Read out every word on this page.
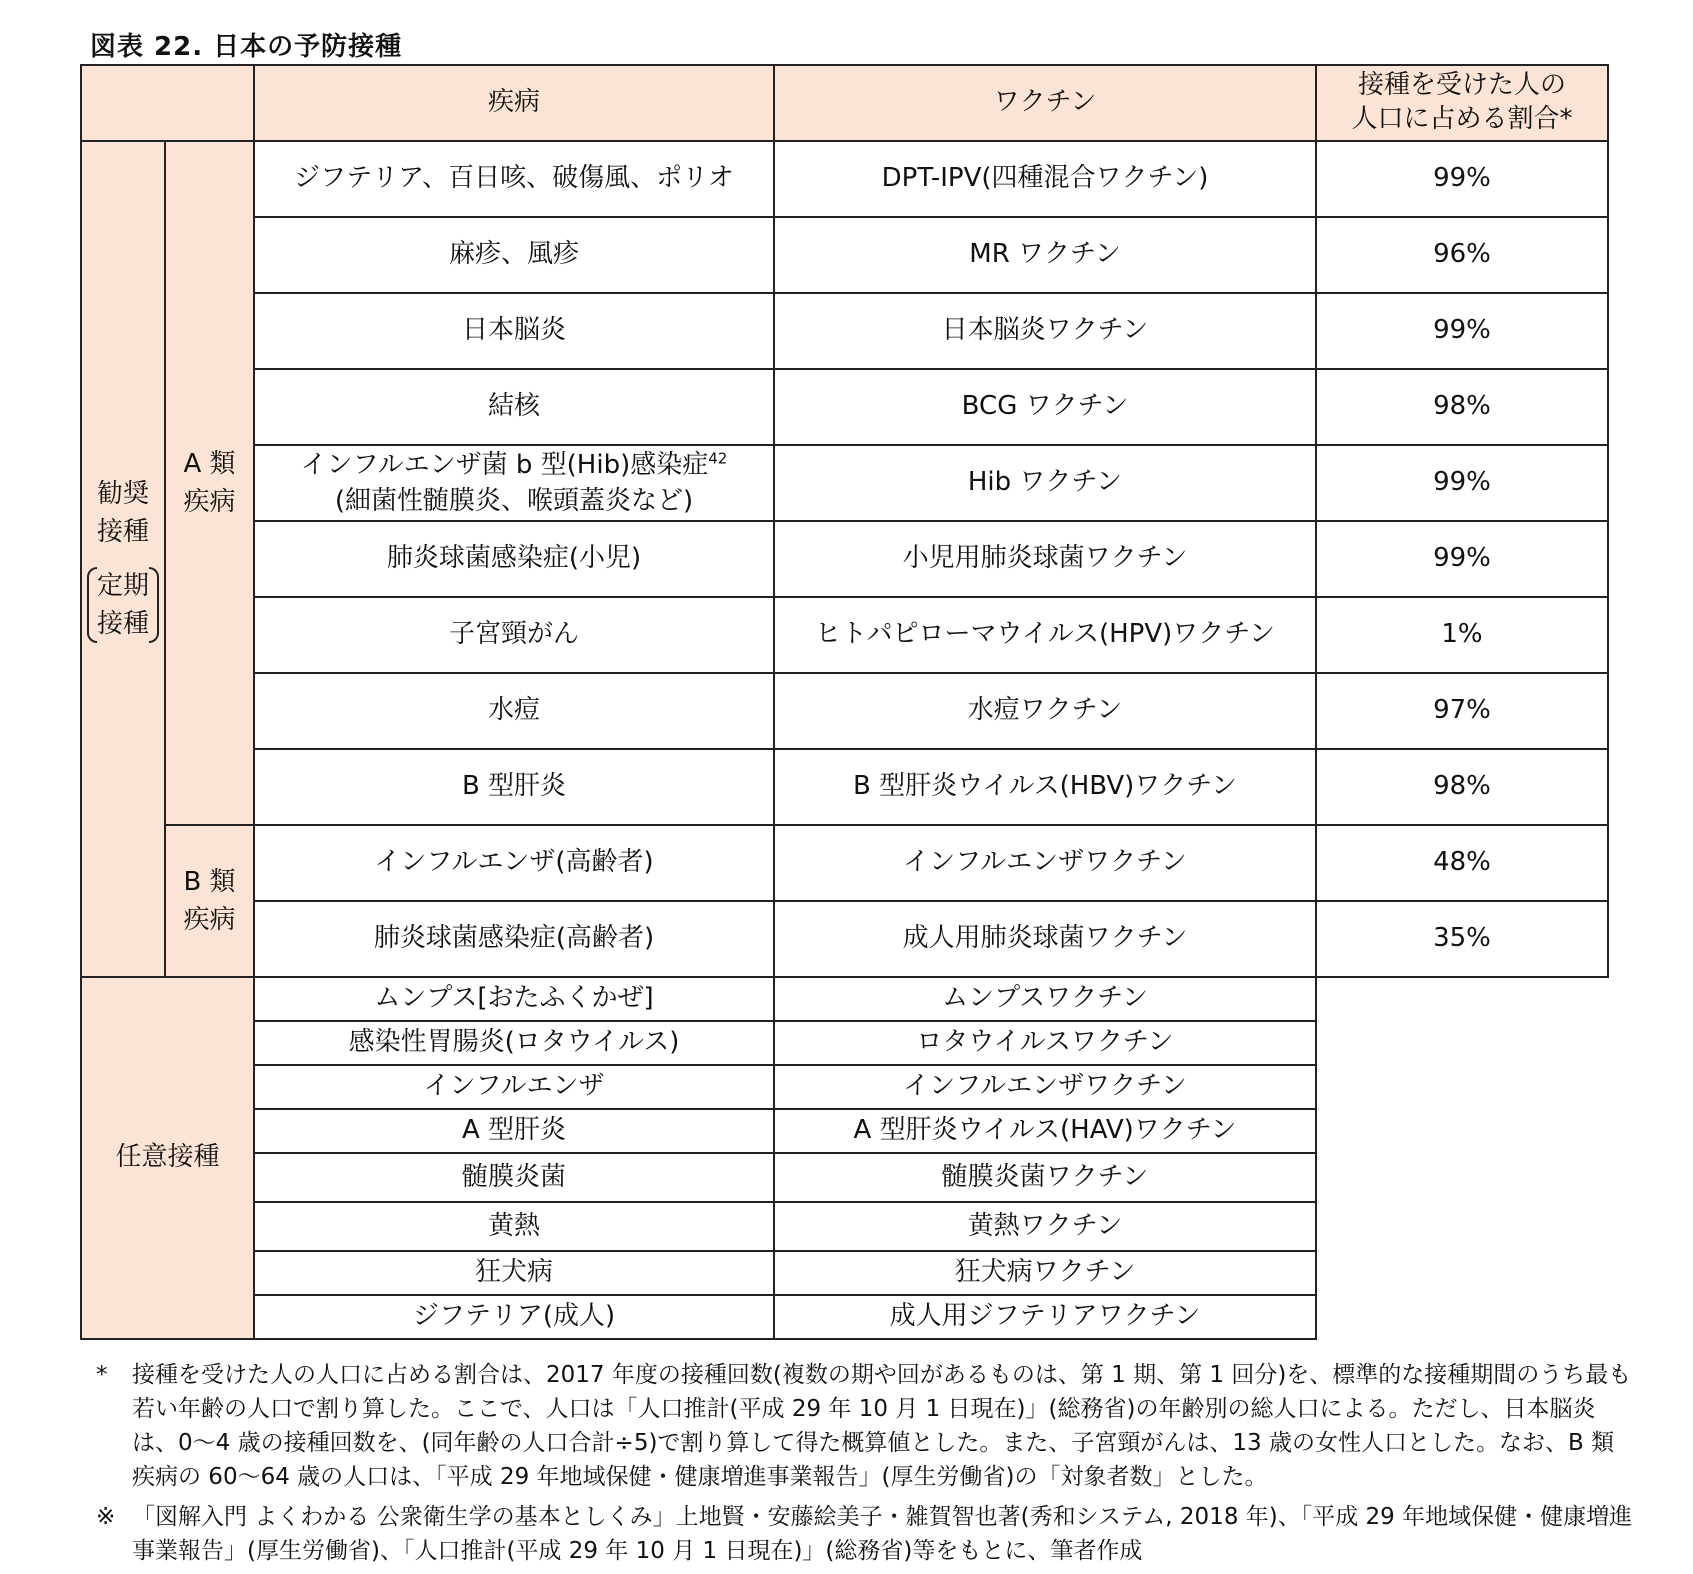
図表 22. 日本の予防接種
		疾病	ワクチン	接種を受けた人の
人口に占める割合*
勧奨
接種
定期
接種	A 類
疾病	ジフテリア、百日咳、破傷風、ポリオ	DPT-IPV(四種混合ワクチン)	99%
		麻疹、風疹	MR ワクチン	96%
		日本脳炎	日本脳炎ワクチン	99%
		結核	BCG ワクチン	98%
		インフルエンザ菌 b 型(Hib)感染症$^{42}$
(細菌性髄膜炎、喉頭蓋炎など)	Hib ワクチン	99%
		肺炎球菌感染症(小児)	小児用肺炎球菌ワクチン	99%
		子宮頸がん	ヒトパピローマウイルス(HPV)ワクチン	1%
		水痘	水痘ワクチン	97%
		B 型肝炎	B 型肝炎ウイルス(HBV)ワクチン	98%
	B 類
疾病	インフルエンザ(高齢者)	インフルエンザワクチン	48%
		肺炎球菌感染症(高齢者)	成人用肺炎球菌ワクチン	35%
任意接種		ムンプス[おたふくかぜ]	ムンプスワクチン	
		感染性胃腸炎(ロタウイルス)	ロタウイルスワクチン	
		インフルエンザ	インフルエンザワクチン	
		A 型肝炎	A 型肝炎ウイルス(HAV)ワクチン	
		髄膜炎菌	髄膜炎菌ワクチン	
		黄熱	黄熱ワクチン	
		狂犬病	狂犬病ワクチン	
		ジフテリア(成人)	成人用ジフテリアワクチン	
*	接種を受けた人の人口に占める割合は、2017 年度の接種回数(複数の期や回があるものは、第 1 期、第 1 回分)を、標準的な接種期間のうち最も若い年齢の人口で割り算した。ここで、人口は「人口推計(平成 29 年 10 月 1 日現在)」(総務省)の年齢別の総人口による。ただし、日本脳炎は、0〜4 歳の接種回数を、(同年齢の人口合計÷5)で割り算して得た概算値とした。また、子宮頸がんは、13 歳の女性人口とした。なお、B 類疾病の 60〜64 歳の人口は、「平成 29 年地域保健・健康増進事業報告」(厚生労働省)の「対象者数」とした。
※ 「図解入門 よくわかる 公衆衛生学の基本としくみ」上地賢・安藤絵美子・雑賀智也著(秀和システム, 2018 年)、「平成 29 年地域保健・健康増進事業報告」(厚生労働省)、「人口推計(平成 29 年 10 月 1 日現在)」(総務省)等をもとに、筆者作成
